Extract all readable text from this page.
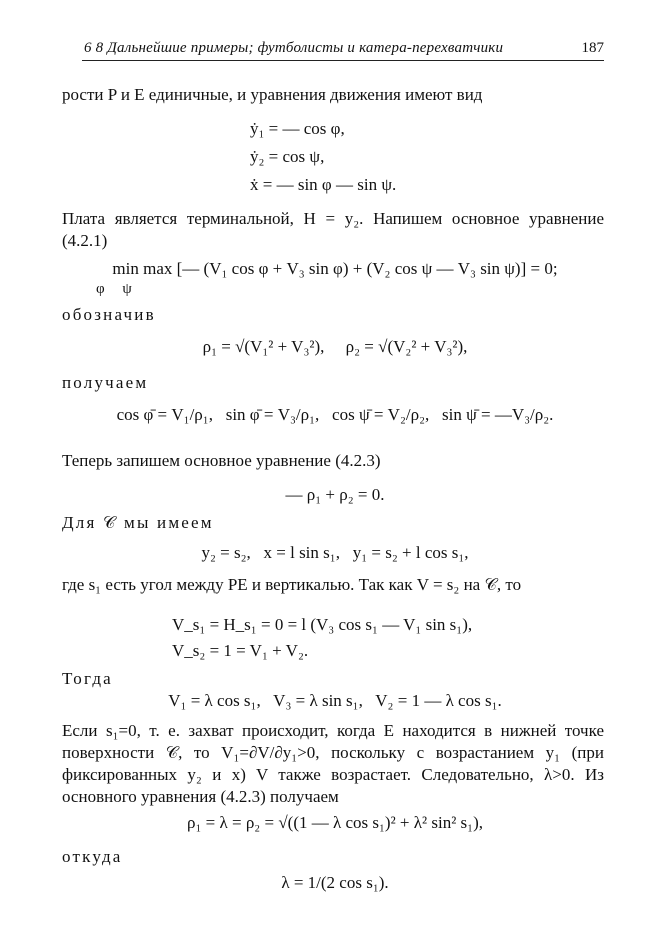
6 8 Дальнейшие примеры; футболисты и катера-перехватчики	187

рости P и E единичные, и уравнения движения имеют вид

ẏ₁ = — cos φ,
ẏ₂ = cos ψ,
ẋ = — sin φ — sin ψ.

Плата является терминальной, H = y₂. Напишем основное уравнение (4.2.1)

min max [— (V₁ cos φ + V₃ sin φ) + (V₂ cos ψ — V₃ sin ψ)] = 0;
φ ψ

обозначив

ρ₁ = √(V₁² + V₃²),     ρ₂ = √(V₂² + V₃²),

получаем

cos φ̄ = V₁/ρ₁,   sin φ̄ = V₃/ρ₁,   cos ψ̄ = V₂/ρ₂,   sin ψ̄ = —V₃/ρ₂.

Теперь запишем основное уравнение (4.2.3)

— ρ₁ + ρ₂ = 0.

Для 𝒞 мы имеем

y₂ = s₂,   x = l sin s₁,   y₁ = s₂ + l cos s₁,

где s₁ есть угол между PE и вертикалью. Так как V = s₂ на 𝒞, то

V_s₁ = H_s₁ = 0 = l (V₃ cos s₁ — V₁ sin s₁),
V_s₂ = 1 = V₁ + V₂.

Тогда

V₁ = λ cos s₁,   V₃ = λ sin s₁,   V₂ = 1 — λ cos s₁.

Если s₁=0, т. е. захват происходит, когда E находится в нижней точке поверхности 𝒞, то V₁=∂V/∂y₁>0, поскольку с возрастанием y₁ (при фиксированных y₂ и x) V также возрастает. Следовательно, λ>0. Из основного уравнения (4.2.3) получаем

ρ₁ = λ = ρ₂ = √((1 — λ cos s₁)² + λ² sin² s₁),

откуда

λ = 1/(2 cos s₁).
